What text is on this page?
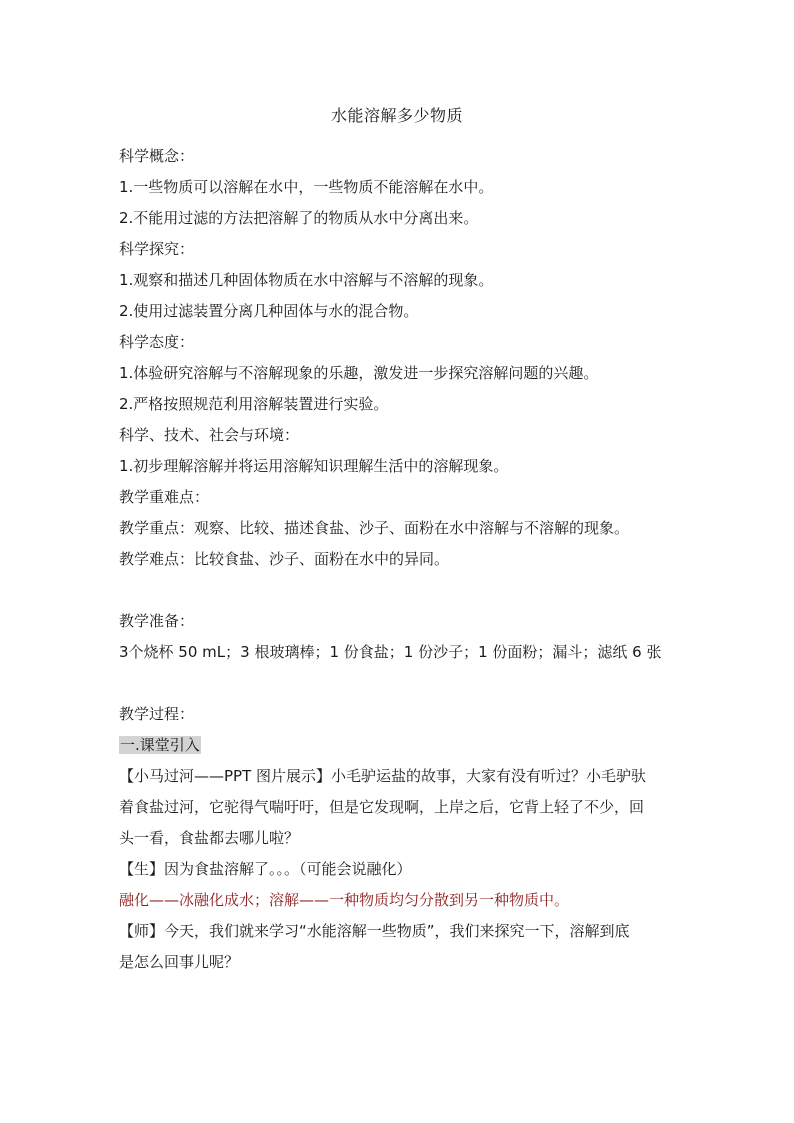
水能溶解多少物质
科学概念：
1.一些物质可以溶解在水中，一些物质不能溶解在水中。
2.不能用过滤的方法把溶解了的物质从水中分离出来。
科学探究：
1.观察和描述几种固体物质在水中溶解与不溶解的现象。
2.使用过滤装置分离几种固体与水的混合物。
科学态度：
1.体验研究溶解与不溶解现象的乐趣，激发进一步探究溶解问题的兴趣。
2.严格按照规范利用溶解装置进行实验。
科学、技术、社会与环境：
1.初步理解溶解并将运用溶解知识理解生活中的溶解现象。
教学重难点：
教学重点：观察、比较、描述食盐、沙子、面粉在水中溶解与不溶解的现象。
教学难点：比较食盐、沙子、面粉在水中的异同。
教学准备：
3个烧杯 50 mL；3 根玻璃棒；1 份食盐；1 份沙子；1 份面粉；漏斗；滤纸 6 张
教学过程：
一.课堂引入
【小马过河——PPT 图片展示】小毛驴运盐的故事，大家有没有听过？小毛驴驮
着食盐过河，它驼得气喘吁吁，但是它发现啊，上岸之后，它背上轻了不少，回
头一看，食盐都去哪儿啦？
【生】因为食盐溶解了。。。（可能会说融化）
融化——冰融化成水；溶解——一种物质均匀分散到另一种物质中。
【师】今天，我们就来学习“水能溶解一些物质”，我们来探究一下，溶解到底
是怎么回事儿呢？
